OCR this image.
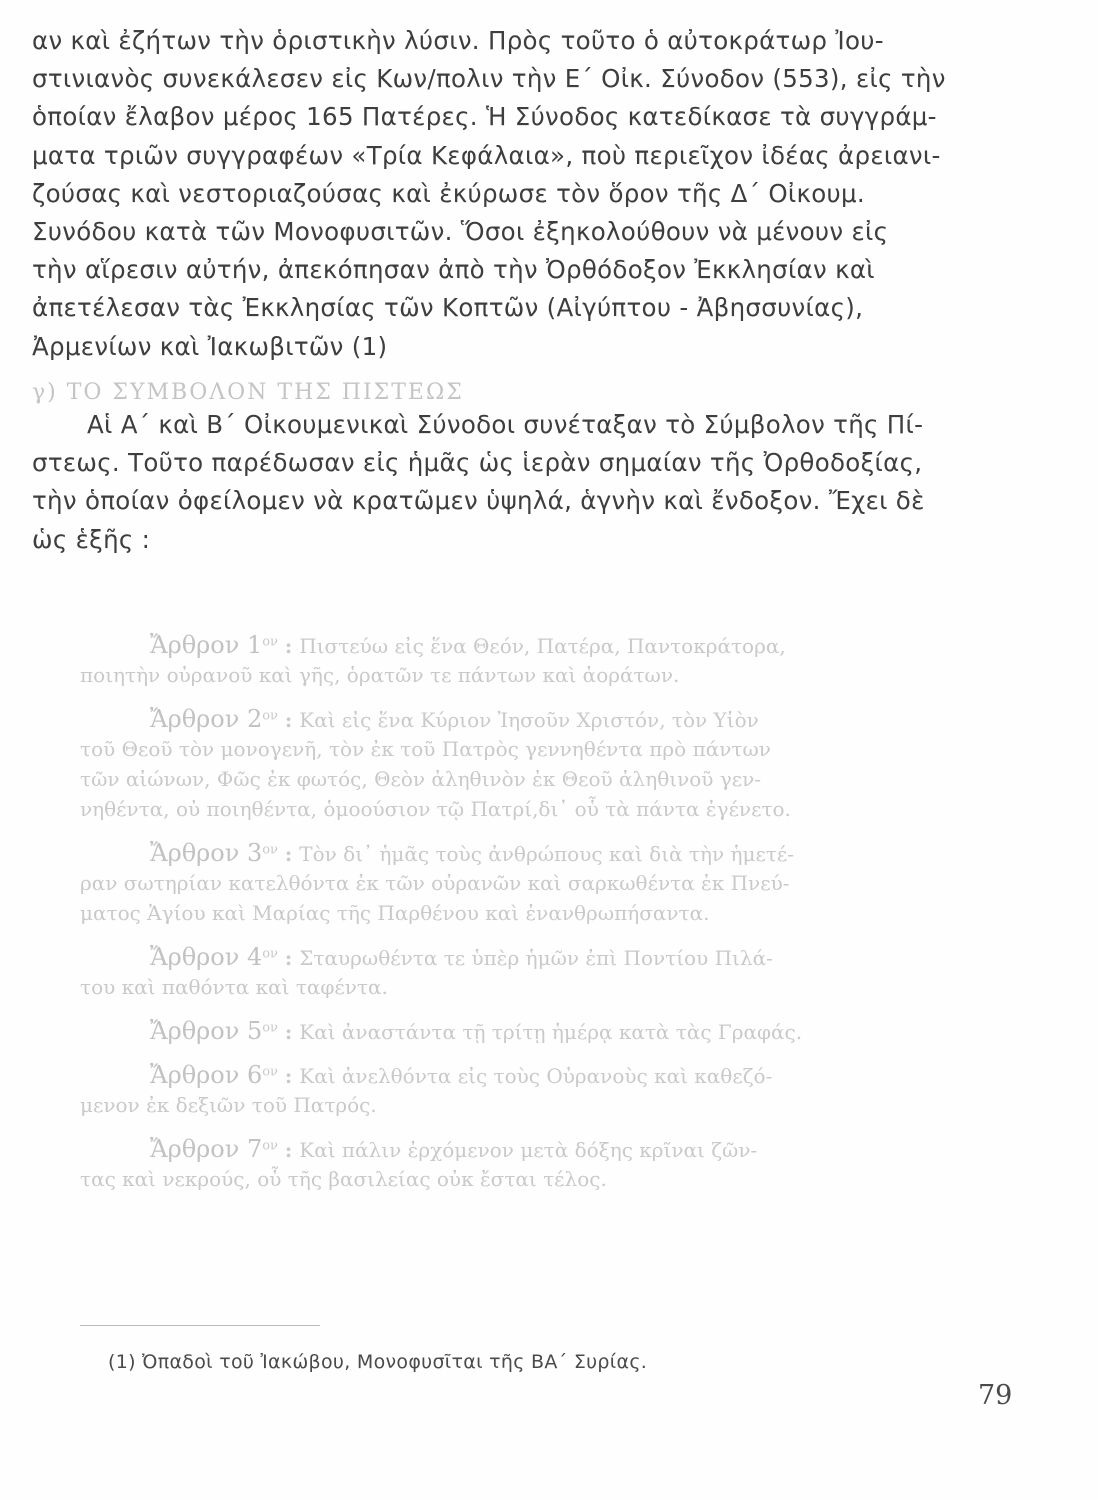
αν καὶ ἐζήτων τὴν ὁριστικὴν λύσιν. Πρὸς τοῦτο ὁ αὐτοκράτωρ Ἰου-
στινιανὸς συνεκάλεσεν εἰς Κων/πολιν τὴν Ε΄ Οἰκ. Σύνοδον (553), εἰς τὴν
ὁποίαν ἔλαβον μέρος 165 Πατέρες. Ἡ Σύνοδος κατεδίκασε τὰ συγγράμ-
ματα τριῶν συγγραφέων «Τρία Κεφάλαια», ποὺ περιεῖχον ἰδέας ἀρειανι-
ζούσας καὶ νεστοριαζούσας καὶ ἐκύρωσε τὸν ὅρον τῆς Δ΄ Οἰκουμ.
Συνόδου κατὰ τῶν Μονοφυσιτῶν. Ὅσοι ἐξηκολούθουν νὰ μένουν εἰς
τὴν αἵρεσιν αὐτήν, ἀπεκόπησαν ἀπὸ τὴν Ὀρθόδοξον Ἐκκλησίαν καὶ
ἀπετέλεσαν τὰς Ἐκκλησίας τῶν Κοπτῶν (Αἰγύπτου - Ἀβησσυνίας),
Ἀρμενίων καὶ Ἰακωβιτῶν (1)
γ) ΤΟ ΣΥΜΒΟΛΟΝ ΤΗΣ ΠΙΣΤΕΩΣ
Αἱ Α΄ καὶ Β΄ Οἰκουμενικαὶ Σύνοδοι συνέταξαν τὸ Σύμβολον τῆς Πί-
στεως. Τοῦτο παρέδωσαν εἰς ἡμᾶς ὡς ἱερὰν σημαίαν τῆς Ὀρθοδοξίας,
τὴν ὁποίαν ὀφείλομεν νὰ κρατῶμεν ὑψηλά, ἁγνὴν καὶ ἔνδοξον. Ἔχει δὲ
ὡς ἑξῆς :
Ἄρθρον $1^{o\nu}$ : Πιστεύω εἰς ἕνα Θεόν, Πατέρα, Παντοκράτορα,
ποιητὴν οὐρανοῦ καὶ γῆς, ὁρατῶν τε πάντων καὶ ἀοράτων.
Ἄρθρον $2^{o\nu}$ : Καὶ εἰς ἕνα Κύριον Ἰησοῦν Χριστόν, τὸν Υἱὸν
τοῦ Θεοῦ τὸν μονογενῆ, τὸν ἐκ τοῦ Πατρὸς γεννηθέντα πρὸ πάντων
τῶν αἰώνων, Φῶς ἐκ φωτός, Θεὸν ἀληθινὸν ἐκ Θεοῦ ἀληθινοῦ γεν-
νηθέντα, οὐ ποιηθέντα, ὁμοούσιον τῷ Πατρί,δι᾽ οὗ τὰ πάντα ἐγένετο.
Ἄρθρον $3^{o\nu}$ : Τὸν δι᾽ ἡμᾶς τοὺς ἀνθρώπους καὶ διὰ τὴν ἡμετέ-
ραν σωτηρίαν κατελθόντα ἐκ τῶν οὐρανῶν καὶ σαρκωθέντα ἐκ Πνεύ-
ματος Ἁγίου καὶ Μαρίας τῆς Παρθένου καὶ ἐνανθρωπήσαντα.
Ἄρθρον $4^{o\nu}$ : Σταυρωθέντα τε ὑπὲρ ἡμῶν ἐπὶ Ποντίου Πιλά-
του καὶ παθόντα καὶ ταφέντα.
Ἄρθρον $5^{o\nu}$ : Καὶ ἀναστάντα τῇ τρίτῃ ἡμέρᾳ κατὰ τὰς Γραφάς.
Ἄρθρον $6^{o\nu}$ : Καὶ ἀνελθόντα εἰς τοὺς Οὐρανοὺς καὶ καθεζό-
μενον ἐκ δεξιῶν τοῦ Πατρός.
Ἄρθρον $7^{o\nu}$ : Καὶ πάλιν ἐρχόμενον μετὰ δόξης κρῖναι ζῶν-
τας καὶ νεκρούς, οὗ τῆς βασιλείας οὐκ ἔσται τέλος.
(1) Ὀπαδοὶ τοῦ Ἰακώβου, Μονοφυσῖται τῆς ΒΑ΄ Συρίας.
79
